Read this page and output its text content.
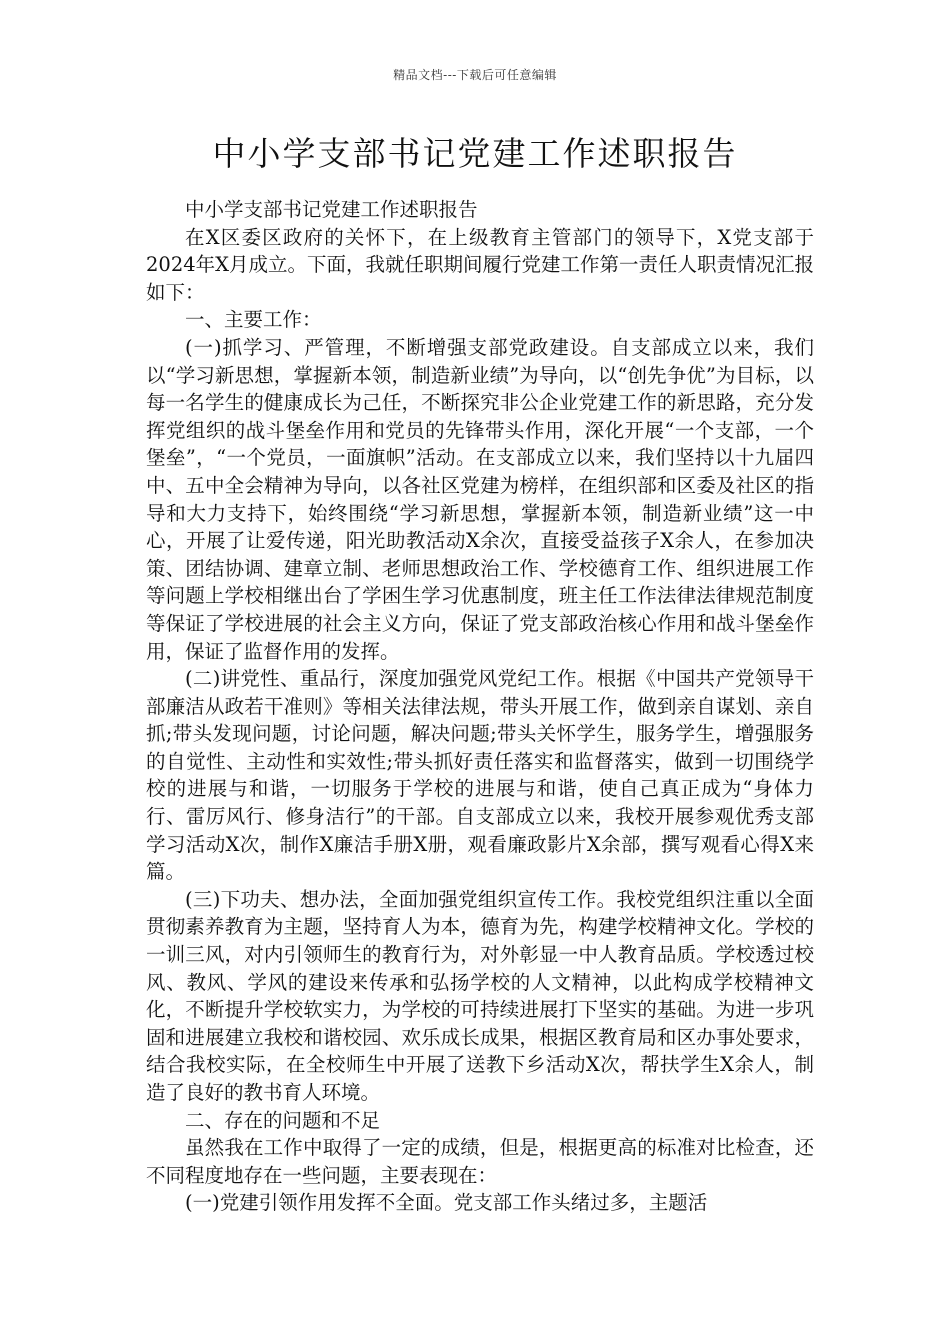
精品文档---下载后可任意编辑
中小学支部书记党建工作述职报告

中小学支部书记党建工作述职报告

在X区委区政府的关怀下，在上级教育主管部门的领导下，X党支部于2024年X月成立。下面，我就任职期间履行党建工作第一责任人职责情况汇报如下：

一、主要工作：

(一)抓学习、严管理，不断增强支部党政建设。自支部成立以来，我们以“学习新思想，掌握新本领，制造新业绩”为导向，以“创先争优”为目标，以每一名学生的健康成长为己任，不断探究非公企业党建工作的新思路，充分发挥党组织的战斗堡垒作用和党员的先锋带头作用，深化开展“一个支部，一个堡垒”，“一个党员，一面旗帜”活动。在支部成立以来，我们坚持以十九届四中、五中全会精神为导向，以各社区党建为榜样，在组织部和区委及社区的指导和大力支持下，始终围绕“学习新思想，掌握新本领，制造新业绩”这一中心，开展了让爱传递，阳光助教活动X余次，直接受益孩子X余人，在参加决策、团结协调、建章立制、老师思想政治工作、学校德育工作、组织进展工作等问题上学校相继出台了学困生学习优惠制度，班主任工作法律法律规范制度等保证了学校进展的社会主义方向，保证了党支部政治核心作用和战斗堡垒作用，保证了监督作用的发挥。

(二)讲党性、重品行，深度加强党风党纪工作。根据《中国共产党领导干部廉洁从政若干准则》等相关法律法规，带头开展工作，做到亲自谋划、亲自抓;带头发现问题，讨论问题，解决问题;带头关怀学生，服务学生，增强服务的自觉性、主动性和实效性;带头抓好责任落实和监督落实，做到一切围绕学校的进展与和谐，一切服务于学校的进展与和谐，使自己真正成为“身体力行、雷厉风行、修身洁行”的干部。自支部成立以来，我校开展参观优秀支部学习活动X次，制作X廉洁手册X册，观看廉政影片X余部，撰写观看心得X来篇。

(三)下功夫、想办法，全面加强党组织宣传工作。我校党组织注重以全面贯彻素养教育为主题，坚持育人为本，德育为先，构建学校精神文化。学校的一训三风，对内引领师生的教育行为，对外彰显一中人教育品质。学校透过校风、教风、学风的建设来传承和弘扬学校的人文精神，以此构成学校精神文化，不断提升学校软实力，为学校的可持续进展打下坚实的基础。为进一步巩固和进展建立我校和谐校园、欢乐成长成果，根据区教育局和区办事处要求，结合我校实际，在全校师生中开展了送教下乡活动X次，帮扶学生X余人，制造了良好的教书育人环境。

二、存在的问题和不足

虽然我在工作中取得了一定的成绩，但是，根据更高的标准对比检查，还不同程度地存在一些问题，主要表现在：

(一)党建引领作用发挥不全面。党支部工作头绪过多，主题活
